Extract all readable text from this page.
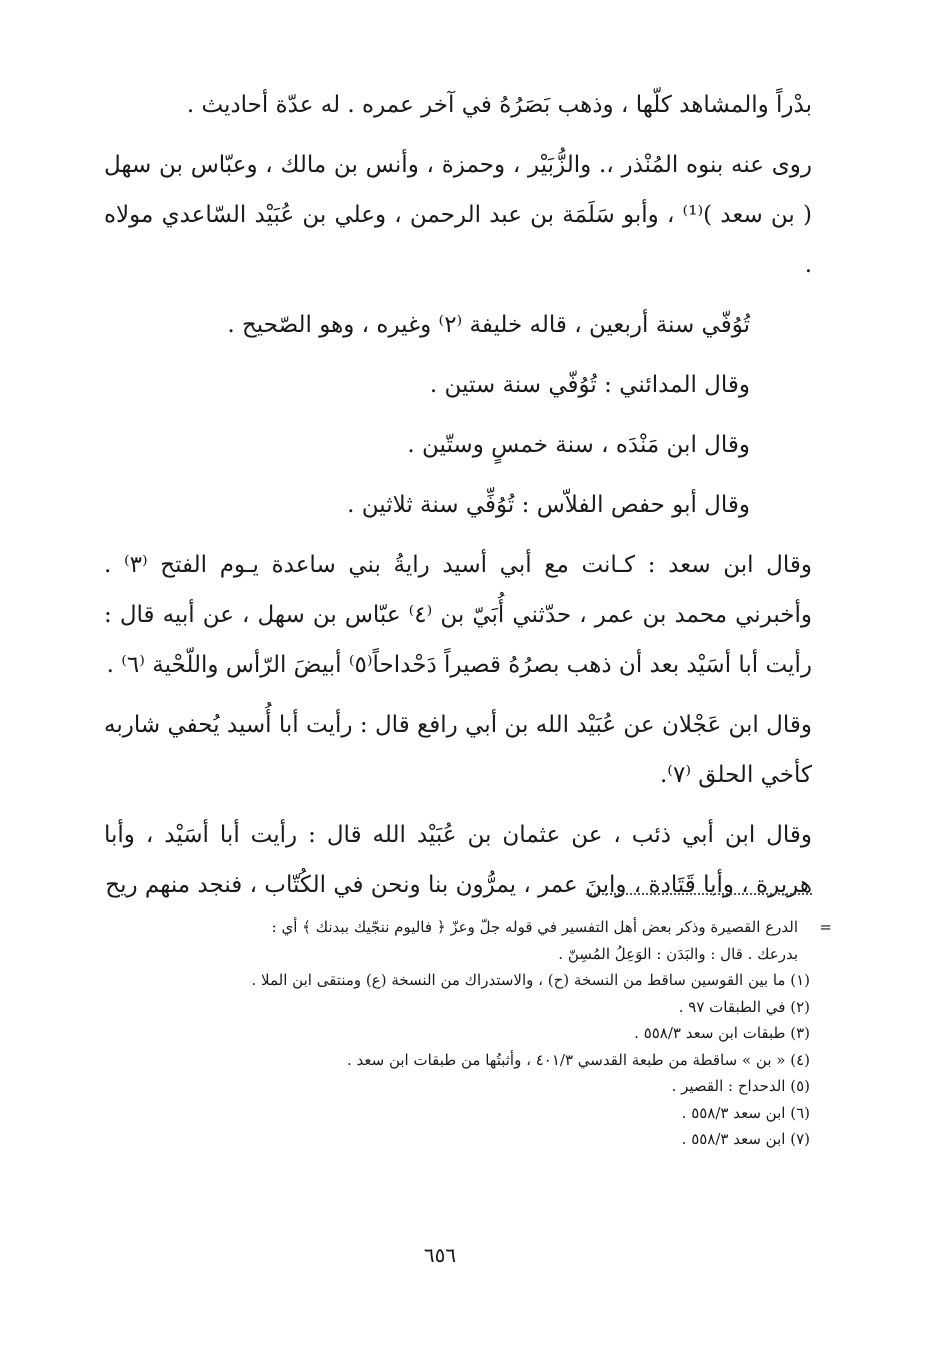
بدْراً والمشاهد كلّها ، وذهب بَصَرُهُ في آخر عمره . له عدّة أحاديث .

روى عنه بنوه المُنْذر ،. والزُّبَيْر ، وحمزة ، وأنس بن مالك ، وعبّاس بن سهل ( بن سعد )⁽¹⁾ ، وأبو سَلَمَة بن عبد الرحمن ، وعلي بن عُبَيْد السّاعدي مولاه .

تُوُفّي سنة أربعين ، قاله خليفة ⁽٢⁾ وغيره ، وهو الصّحيح .

وقال المدائني : تُوُفّي سنة ستين .

وقال ابن مَنْدَه ، سنة خمسٍ وستّين .

وقال أبو حفص الفلاّس : تُوُفِّي سنة ثلاثين .

وقال ابن سعد : كـانت مع أبي أسيد رايةُ بني ساعدة يـوم الفتح ⁽٣⁾ . وأخبرني محمد بن عمر ، حدّثني أُبَيّ بن ⁽٤⁾ عبّاس بن سهل ، عن أبيه قال : رأيت أبا أسَيْد بعد أن ذهب بصرُهُ قصيراً دَحْداحاً⁽٥⁾ أبيضَ الرّأس واللّحْية ⁽٦⁾ .

وقال ابن عَجْلان عن عُبَيْد الله بن أبي رافع قال : رأيت أبا أُسيد يُحفي شاربه كأخي الحلق ⁽٧⁾.

وقال ابن أبي ذئب ، عن عثمان بن عُبَيْد الله قال : رأيت أبا أسَيْد ، وأبا هريرة ، وأبا قَتَادة ، وابنَ عمر ، يمرُّون بنا ونحن في الكُتّاب ، فنجد منهم ريح

=
الدرع القصيرة وذكر بعض أهل التفسير في قوله جلّ وعزّ ﴿ فاليوم ننجّيك ببدنك ﴾ أي :

بدرعك . قال : والبَدَن : الوَعِلُ المُسِنّ .

(١) ما بين القوسين ساقط من النسخة (ح) ، والاستدراك من النسخة (ع) ومنتقى ابن الملا .

(٢) في الطبقات ٩٧ .

(٣) طبقات ابن سعد ٥٥٨/٣ .

(٤) « بن » ساقطة من طبعة القدسي ٤٠١/٣ ، وأثبتُها من طبقات ابن سعد .

(٥) الدحداح : القصير .

(٦) ابن سعد ٥٥٨/٣ .

(٧) ابن سعد ٥٥٨/٣ .

٦٥٦
